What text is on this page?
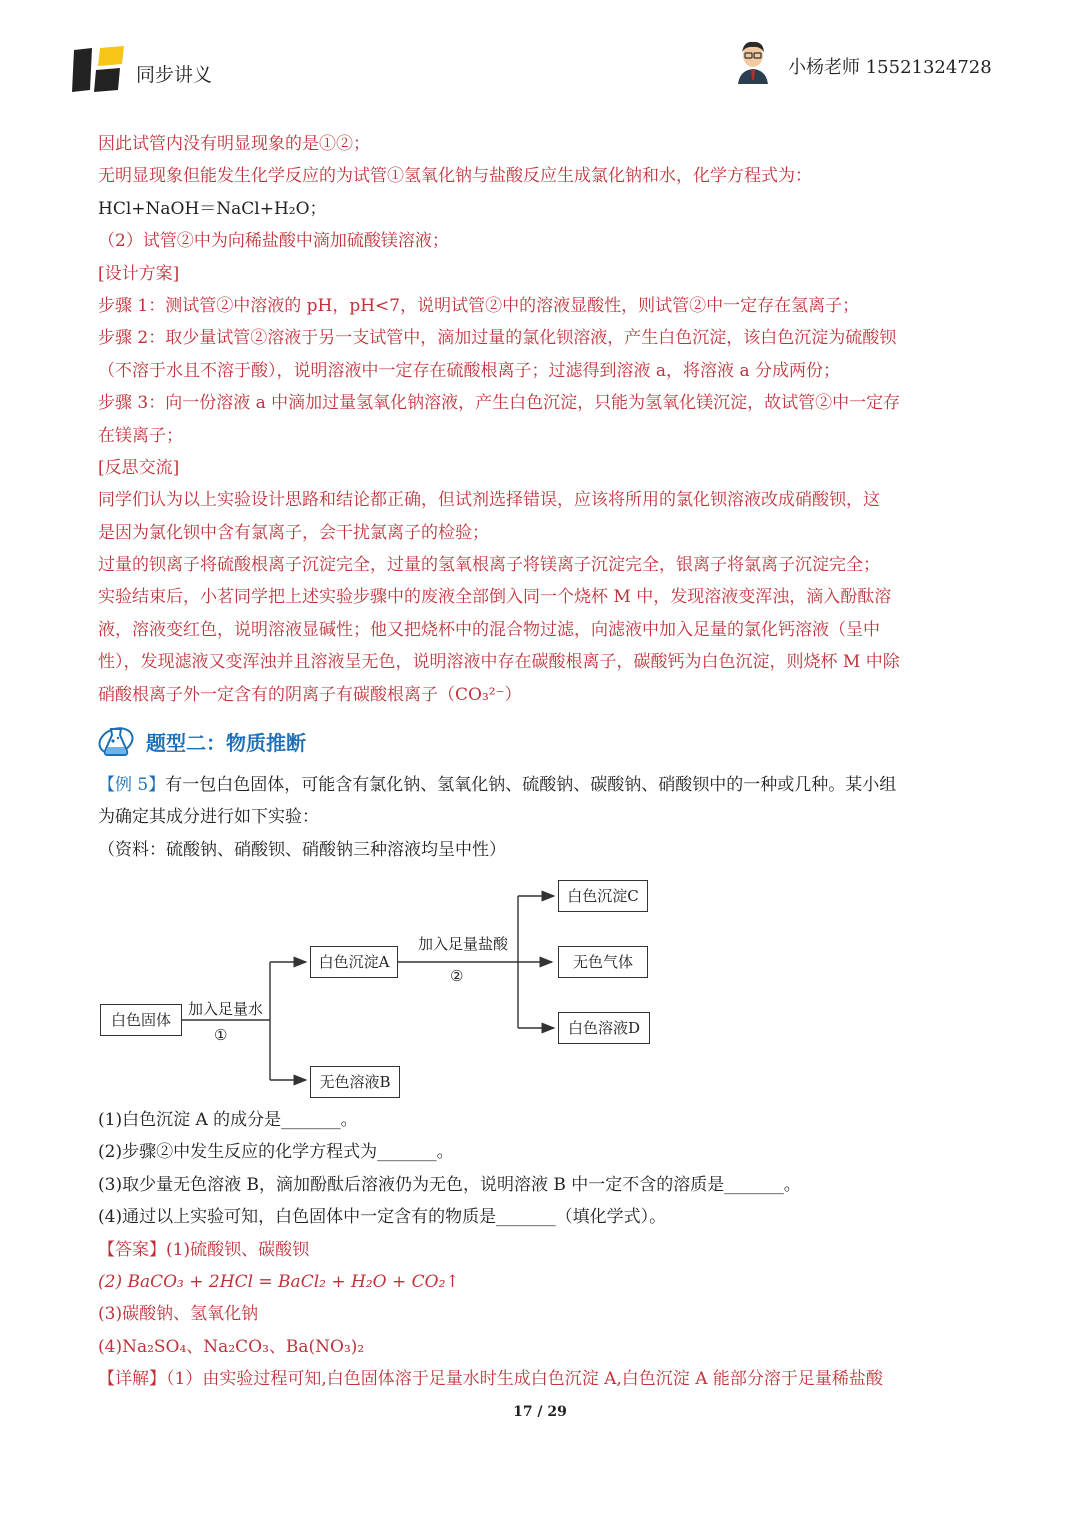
同步讲义	小杨老师 15521324728
因此试管内没有明显现象的是①②；
无明显现象但能发生化学反应的为试管①氢氧化钠与盐酸反应生成氯化钠和水，化学方程式为：
HCl+NaOH＝NaCl+H₂O；
（2）试管②中为向稀盐酸中滴加硫酸镁溶液；
[设计方案]
步骤 1：测试管②中溶液的 pH，pH<7，说明试管②中的溶液显酸性，则试管②中一定存在氢离子；
步骤 2：取少量试管②溶液于另一支试管中，滴加过量的氯化钡溶液，产生白色沉淀，该白色沉淀为硫酸钡
（不溶于水且不溶于酸），说明溶液中一定存在硫酸根离子；过滤得到溶液 a，将溶液 a 分成两份；
步骤 3：向一份溶液 a 中滴加过量氢氧化钠溶液，产生白色沉淀，只能为氢氧化镁沉淀，故试管②中一定存
在镁离子；
[反思交流]
同学们认为以上实验设计思路和结论都正确，但试剂选择错误，应该将所用的氯化钡溶液改成硝酸钡，这
是因为氯化钡中含有氯离子，会干扰氯离子的检验；
过量的钡离子将硫酸根离子沉淀完全，过量的氢氧根离子将镁离子沉淀完全，银离子将氯离子沉淀完全；
实验结束后，小茗同学把上述实验步骤中的废液全部倒入同一个烧杯 M 中，发现溶液变浑浊，滴入酚酞溶
液，溶液变红色，说明溶液显碱性；他又把烧杯中的混合物过滤，向滤液中加入足量的氯化钙溶液（呈中
性），发现滤液又变浑浊并且溶液呈无色，说明溶液中存在碳酸根离子，碳酸钙为白色沉淀，则烧杯 M 中除
硝酸根离子外一定含有的阴离子有碳酸根离子（CO₃²⁻）
题型二：物质推断
【例 5】有一包白色固体，可能含有氯化钠、氢氧化钠、硫酸钠、碳酸钠、硝酸钡中的一种或几种。某小组
为确定其成分进行如下实验：
（资料：硫酸钠、硝酸钡、硝酸钠三种溶液均呈中性）
白色固体
加入足量水
①
白色沉淀A
无色溶液B
加入足量盐酸
②
白色沉淀C
无色气体
白色溶液D
(1)白色沉淀 A 的成分是_______。
(2)步骤②中发生反应的化学方程式为_______。
(3)取少量无色溶液 B，滴加酚酞后溶液仍为无色，说明溶液 B 中一定不含的溶质是_______。
(4)通过以上实验可知，白色固体中一定含有的物质是_______（填化学式）。
【答案】(1)硫酸钡、碳酸钡
(2) BaCO₃ + 2HCl = BaCl₂ + H₂O + CO₂↑
(3)碳酸钠、氢氧化钠
(4)Na₂SO₄、Na₂CO₃、Ba(NO₃)₂
【详解】（1）由实验过程可知,白色固体溶于足量水时生成白色沉淀 A,白色沉淀 A 能部分溶于足量稀盐酸
17 / 29
